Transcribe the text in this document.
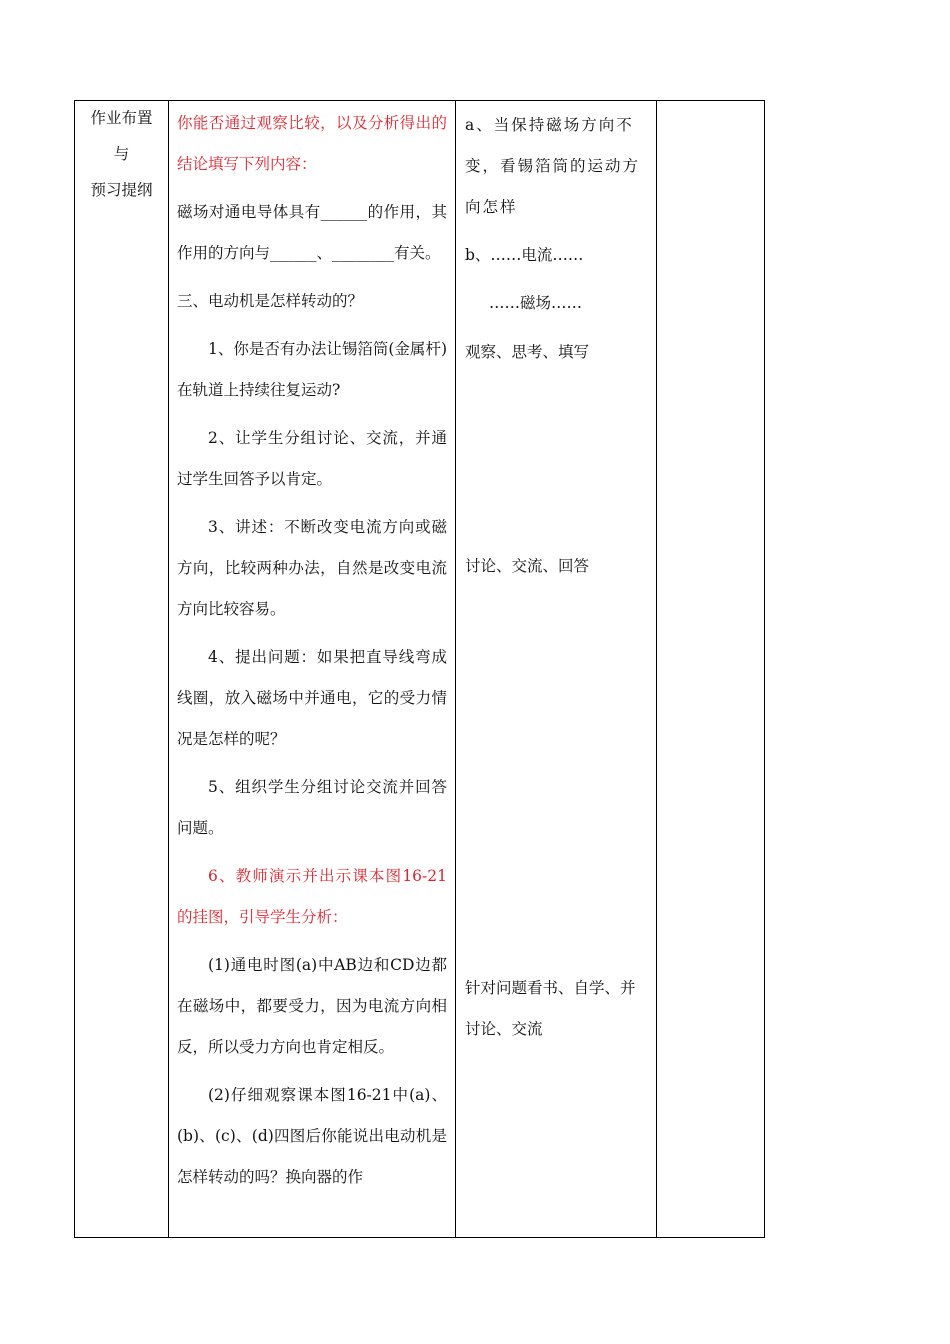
作业布置
与
预习提纲

你能否通过观察比较，以及分析得出的结论填写下列内容：

磁场对通电导体具有______的作用，其作用的方向与______、________有关。

三、电动机是怎样转动的？

1、你是否有办法让锡箔筒(金属杆)在轨道上持续往复运动?

2、让学生分组讨论、交流，并通过学生回答予以肯定。

3、讲述：不断改变电流方向或磁方向，比较两种办法，自然是改变电流方向比较容易。

4、提出问题：如果把直导线弯成线圈，放入磁场中并通电，它的受力情况是怎样的呢？

5、组织学生分组讨论交流并回答问题。

6、教师演示并出示课本图16-21的挂图，引导学生分析：

(1)通电时图(a)中AB边和CD边都在磁场中，都要受力，因为电流方向相反，所以受力方向也肯定相反。

(2)仔细观察课本图16-21中(a)、(b)、(c)、(d)四图后你能说出电动机是怎样转动的吗？换向器的作

a、当保持磁场方向不变，看锡箔筒的运动方向怎样
b、……电流……
……磁场……
观察、思考、填写
讨论、交流、回答
针对问题看书、自学、并讨论、交流
